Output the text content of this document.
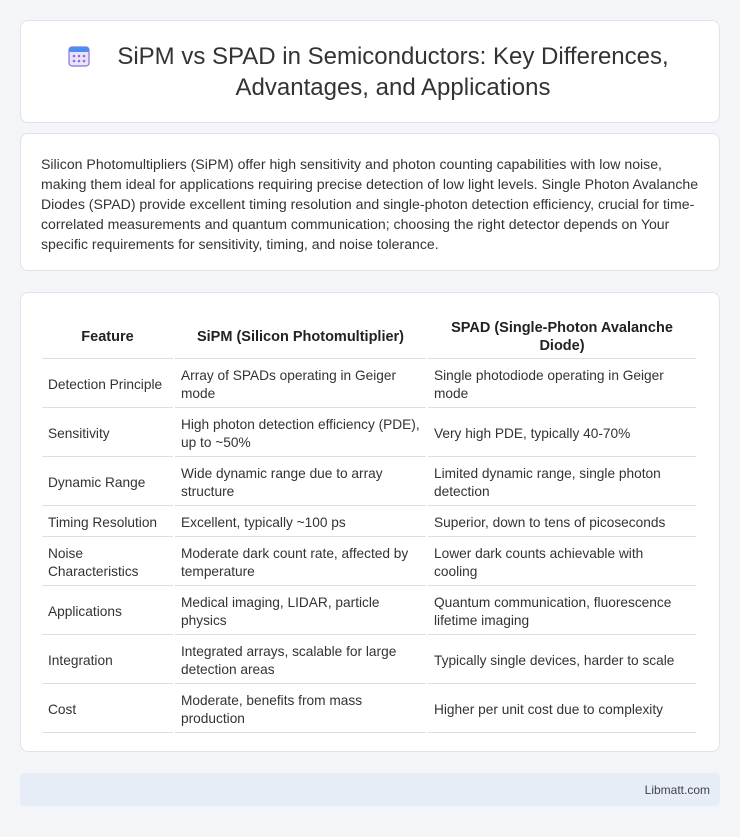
SiPM vs SPAD in Semiconductors: Key Differences, Advantages, and Applications

Silicon Photomultipliers (SiPM) offer high sensitivity and photon counting capabilities with low noise, making them ideal for applications requiring precise detection of low light levels. Single Photon Avalanche Diodes (SPAD) provide excellent timing resolution and single-photon detection efficiency, crucial for time-correlated measurements and quantum communication; choosing the right detector depends on Your specific requirements for sensitivity, timing, and noise tolerance.

Feature	SiPM (Silicon Photomultiplier)	SPAD (Single-Photon Avalanche Diode)
Detection Principle	Array of SPADs operating in Geiger mode	Single photodiode operating in Geiger mode
Sensitivity	High photon detection efficiency (PDE), up to ~50%	Very high PDE, typically 40-70%
Dynamic Range	Wide dynamic range due to array structure	Limited dynamic range, single photon detection
Timing Resolution	Excellent, typically ~100 ps	Superior, down to tens of picoseconds
Noise Characteristics	Moderate dark count rate, affected by temperature	Lower dark counts achievable with cooling
Applications	Medical imaging, LIDAR, particle physics	Quantum communication, fluorescence lifetime imaging
Integration	Integrated arrays, scalable for large detection areas	Typically single devices, harder to scale
Cost	Moderate, benefits from mass production	Higher per unit cost due to complexity
Libmatt.com
